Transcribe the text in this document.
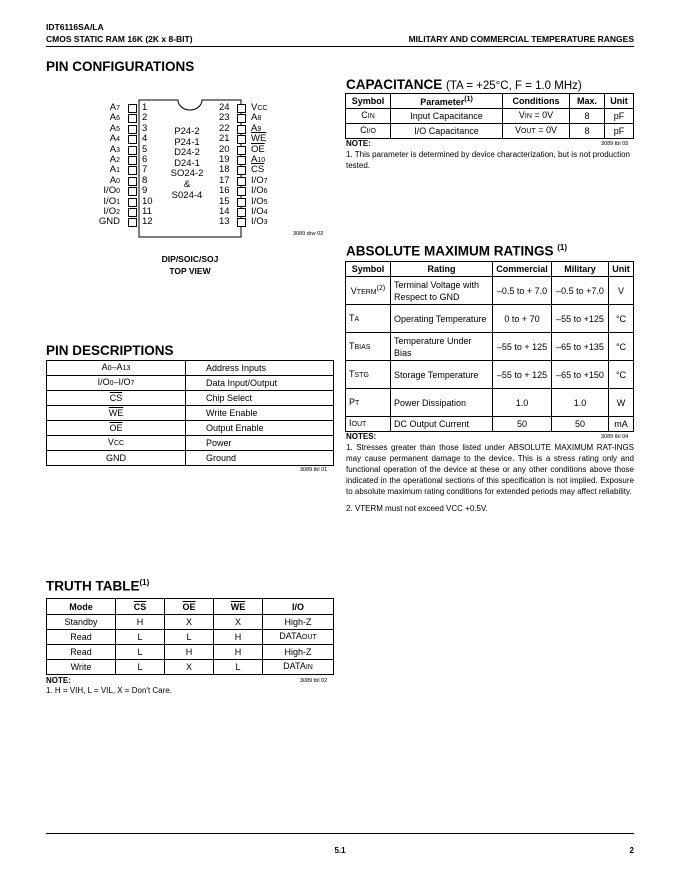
IDT6116SA/LA
CMOS STATIC RAM 16K (2K x 8-BIT)	MILITARY AND COMMERCIAL TEMPERATURE RANGES
PIN CONFIGURATIONS
A7 1
A6 2
A5 3
A4 4
A3 5
A2 6
A1 7
A0 8
I/O0 9
I/O1 10
I/O2 11
GND 12
24 VCC
23 A8
22 A9
21 $\overline{WE}$
20 $\overline{OE}$
19 A10
18 $\overline{CS}$
17 I/O7
16 I/O6
15 I/O5
14 I/O4
13 I/O3
P24-2
P24-1
D24-2
D24-1
SO24-2
&
S024-4
3089 drw 02
DIP/SOIC/SOJ
TOP VIEW
CAPACITANCE (TA = +25°C, F = 1.0 MHz)
Symbol	Parameter$^{(1)}$	Conditions	Max.	Unit
CIN	Input Capacitance	VIN = 0V	8	pF
CI/O	I/O Capacitance	VOUT = 0V	8	pF
NOTE:	3089 tbl 03
1. This parameter is determined by device characterization, but is not production tested.
ABSOLUTE MAXIMUM RATINGS $^{(1)}$
Symbol	Rating	Commercial	Military	Unit
VTERM$^{(2)}$	Terminal Voltage with Respect to GND	–0.5 to + 7.0	–0.5 to +7.0	V
TA	Operating Temperature	0 to + 70	–55 to +125	°C
TBIAS	Temperature Under Bias	–55 to + 125	–65 to +135	°C
TSTG	Storage Temperature	–55 to + 125	–65 to +150	°C
PT	Power Dissipation	1.0	1.0	W
IOUT	DC Output Current	50	50	mA
NOTES:	3089 tbl 04
1. Stresses greater than those listed under ABSOLUTE MAXIMUM RAT-INGS may cause permanent damage to the device. This is a stress rating only and functional operation of the device at these or any other conditions above those indicated in the operational sections of this specification is not implied. Exposure to absolute maximum rating conditions for extended periods may affect reliability.
2. VTERM must not exceed VCC +0.5V.
PIN DESCRIPTIONS
A0–A13	Address Inputs
I/O0–I/O7	Data Input/Output
$\overline{CS}$	Chip Select
$\overline{WE}$	Write Enable
$\overline{OE}$	Output Enable
VCC	Power
GND	Ground
3089 tbl 01
TRUTH TABLE$^{(1)}$
Mode	$\overline{CS}$	$\overline{OE}$	$\overline{WE}$	I/O
Standby	H	X	X	High-Z
Read	L	L	H	DATAOUT
Read	L	H	H	High-Z
Write	L	X	L	DATAIN
NOTE:	3089 tbl 02
1. H = VIH, L = VIL, X = Don't Care.
5.1	2
